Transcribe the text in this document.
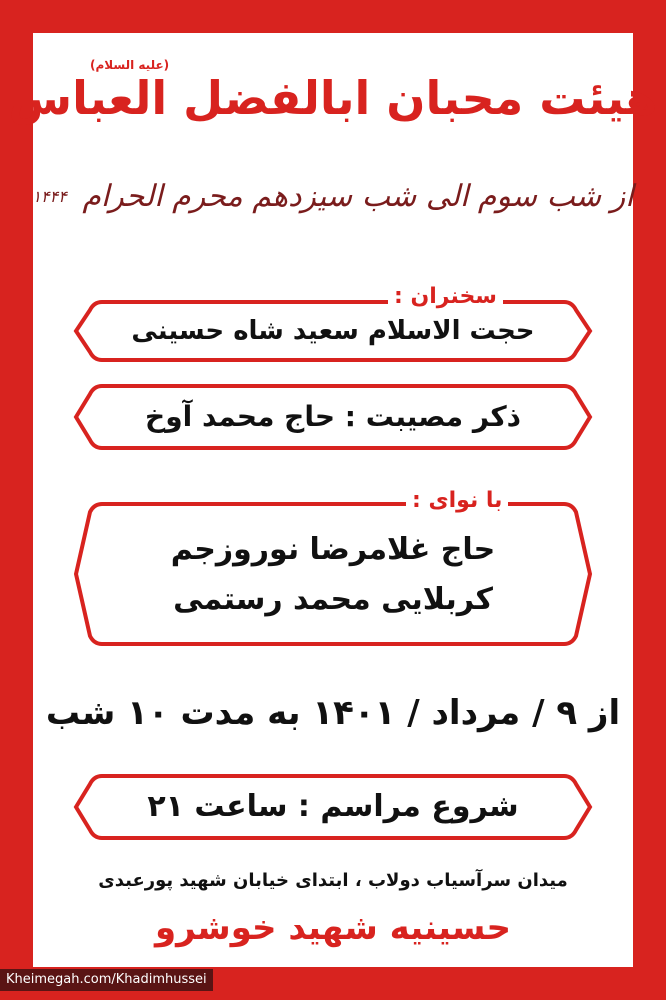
(علیه السلام)
هیئت محبان ابالفضل العباس
از شب سوم الی شب سیزدهم محرم الحرام $^{۱۴۴۴}$
حجت الاسلام سعید شاه حسینی
سخنران :
ذکر مصیبت : حاج محمد آوخ
حاج غلامرضا نوروزجم
کربلایی محمد رستمی
با نوای :
از ۹ / مرداد / ۱۴۰۱ به مدت ۱۰ شب
شروع مراسم : ساعت ۲۱
میدان سرآسیاب دولاب ، ابتدای خیابان شهید پورعبدی
حسینیه شهید خوشرو
Kheimegah.com/Khadimhussei
